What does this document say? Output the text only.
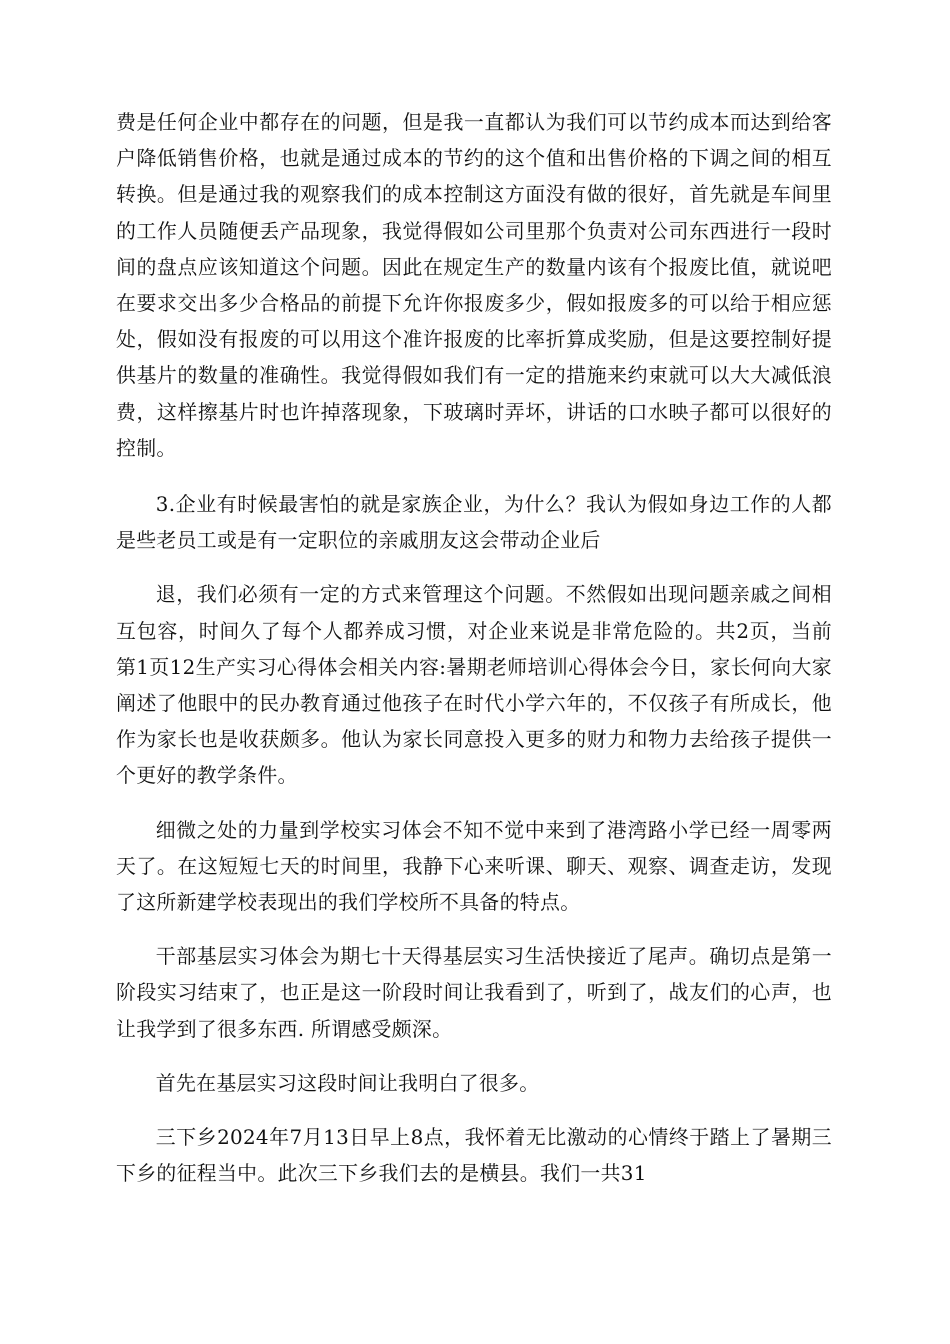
费是任何企业中都存在的问题，但是我一直都认为我们可以节约成本而达到给客户降低销售价格，也就是通过成本的节约的这个值和出售价格的下调之间的相互转换。但是通过我的观察我们的成本控制这方面没有做的很好，首先就是车间里的工作人员随便丢产品现象，我觉得假如公司里那个负责对公司东西进行一段时间的盘点应该知道这个问题。因此在规定生产的数量内该有个报废比值，就说吧在要求交出多少合格品的前提下允许你报废多少，假如报废多的可以给于相应惩处，假如没有报废的可以用这个准许报废的比率折算成奖励，但是这要控制好提供基片的数量的准确性。我觉得假如我们有一定的措施来约束就可以大大减低浪费，这样擦基片时也许掉落现象，下玻璃时弄坏，讲话的口水映子都可以很好的控制。

3.企业有时候最害怕的就是家族企业，为什么？我认为假如身边工作的人都是些老员工或是有一定职位的亲戚朋友这会带动企业后

退，我们必须有一定的方式来管理这个问题。不然假如出现问题亲戚之间相互包容，时间久了每个人都养成习惯，对企业来说是非常危险的。共2页，当前第1页12生产实习心得体会相关内容:暑期老师培训心得体会今日，家长何向大家阐述了他眼中的民办教育通过他孩子在时代小学六年的，不仅孩子有所成长，他作为家长也是收获颇多。他认为家长同意投入更多的财力和物力去给孩子提供一个更好的教学条件。

细微之处的力量到学校实习体会不知不觉中来到了港湾路小学已经一周零两天了。在这短短七天的时间里，我静下心来听课、聊天、观察、调查走访，发现了这所新建学校表现出的我们学校所不具备的特点。

干部基层实习体会为期七十天得基层实习生活快接近了尾声。确切点是第一阶段实习结束了，也正是这一阶段时间让我看到了，听到了，战友们的心声，也让我学到了很多东西. 所谓感受颇深。

首先在基层实习这段时间让我明白了很多。

三下乡2024年7月13日早上8点，我怀着无比激动的心情终于踏上了暑期三下乡的征程当中。此次三下乡我们去的是横县。我们一共31
